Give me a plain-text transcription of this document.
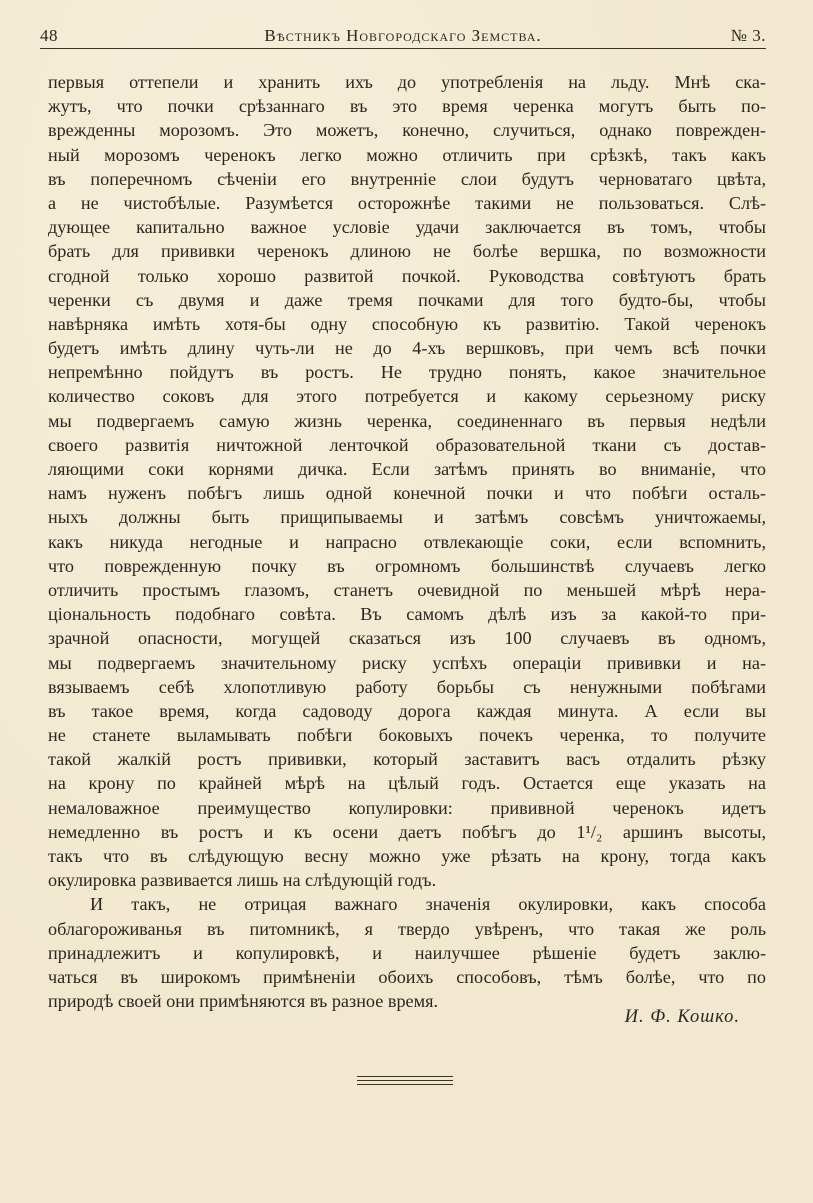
48	Вѣстникъ Новгородскаго Земства.	№ 3.
первыя оттепели и хранить ихъ до употребленія на льду. Мнѣ ска-
жутъ, что почки срѣзаннаго въ это время черенка могутъ быть по-
врежденны морозомъ. Это можетъ, конечно, случиться, однако поврежден-
ный морозомъ черенокъ легко можно отличить при срѣзкѣ, такъ какъ
въ поперечномъ сѣченіи его внутренніе слои будутъ черноватаго цвѣта,
а не чистобѣлые. Разумѣется осторожнѣе такими не пользоваться. Слѣ-
дующее капитально важное условіе удачи заключается въ томъ, чтобы
брать для прививки черенокъ длиною не болѣе вершка, по возможности
сгодной только хорошо развитой почкой. Руководства совѣтуютъ брать
черенки съ двумя и даже тремя почками для того будто-бы, чтобы
навѣрняка имѣть хотя-бы одну способную къ развитію. Такой черенокъ
будетъ имѣть длину чуть-ли не до 4-хъ вершковъ, при чемъ всѣ почки
непремѣнно пойдутъ въ ростъ. Не трудно понять, какое значительное
количество соковъ для этого потребуется и какому серьезному риску
мы подвергаемъ самую жизнь черенка, соединеннаго въ первыя недѣли
своего развитія ничтожной ленточкой образовательной ткани съ достав-
ляющими соки корнями дичка. Если затѣмъ принять во вниманіе, что
намъ нуженъ побѣгъ лишь одной конечной почки и что побѣги осталь-
ныхъ должны быть прищипываемы и затѣмъ совсѣмъ уничтожаемы,
какъ никуда негодные и напрасно отвлекающіе соки, если вспомнить,
что поврежденную почку въ огромномъ большинствѣ случаевъ легко
отличить простымъ глазомъ, станетъ очевидной по меньшей мѣрѣ нера-
ціональность подобнаго совѣта. Въ самомъ дѣлѣ изъ за какой-то при-
зрачной опасности, могущей сказаться изъ 100 случаевъ въ одномъ,
мы подвергаемъ значительному риску успѣхъ операціи прививки и на-
вязываемъ себѣ хлопотливую работу борьбы съ ненужными побѣгами
въ такое время, когда садоводу дорога каждая минута. А если вы
не станете выламывать побѣги боковыхъ почекъ черенка, то получите
такой жалкій ростъ прививки, который заставитъ васъ отдалить рѣзку
на крону по крайней мѣрѣ на цѣлый годъ. Остается еще указать на
немаловажное преимущество копулировки: прививной черенокъ идетъ
немедленно въ ростъ и къ осени даетъ побѣгъ до 1¹/₂ аршинъ высоты,
такъ что въ слѣдующую весну можно уже рѣзать на крону, тогда какъ
окулировка развивается лишь на слѣдующій годъ.
И такъ, не отрицая важнаго значенія окулировки, какъ способа
облагороживанья въ питомникѣ, я твердо увѣренъ, что такая же роль
принадлежитъ и копулировкѣ, и наилучшее рѣшеніе будетъ заклю-
чаться въ широкомъ примѣненіи обоихъ способовъ, тѣмъ болѣе, что по
природѣ своей они примѣняются въ разное время.
И. Ф. Кошко.
